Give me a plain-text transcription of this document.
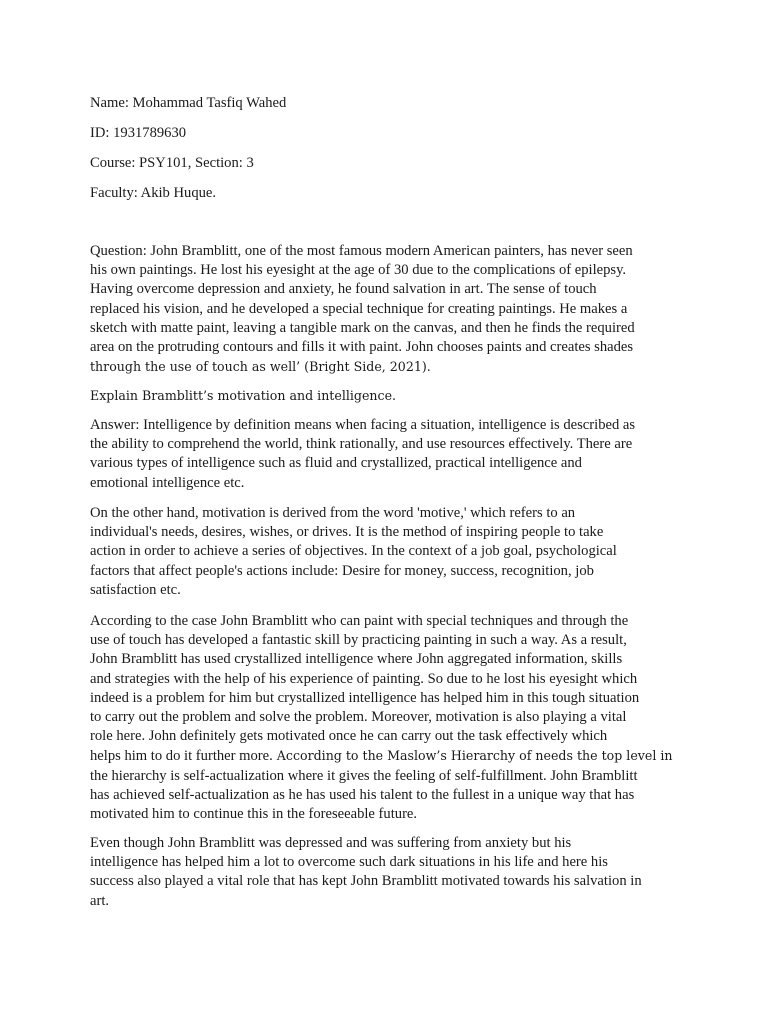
Name: Mohammad Tasfiq Wahed
ID: 1931789630
Course: PSY101, Section: 3
Faculty: Akib Huque.

Question: John Bramblitt, one of the most famous modern American painters, has never seen
his own paintings. He lost his eyesight at the age of 30 due to the complications of epilepsy.
Having overcome depression and anxiety, he found salvation in art. The sense of touch
replaced his vision, and he developed a special technique for creating paintings. He makes a
sketch with matte paint, leaving a tangible mark on the canvas, and then he finds the required
area on the protruding contours and fills it with paint. John chooses paints and creates shades
through the use of touch as well’ (Bright Side, 2021).

Explain Bramblitt’s motivation and intelligence.

Answer: Intelligence by definition means when facing a situation, intelligence is described as
the ability to comprehend the world, think rationally, and use resources effectively. There are
various types of intelligence such as fluid and crystallized, practical intelligence and
emotional intelligence etc.

On the other hand, motivation is derived from the word 'motive,' which refers to an
individual's needs, desires, wishes, or drives. It is the method of inspiring people to take
action in order to achieve a series of objectives. In the context of a job goal, psychological
factors that affect people's actions include: Desire for money, success, recognition, job
satisfaction etc.

According to the case John Bramblitt who can paint with special techniques and through the
use of touch has developed a fantastic skill by practicing painting in such a way. As a result,
John Bramblitt has used crystallized intelligence where John aggregated information, skills
and strategies with the help of his experience of painting. So due to he lost his eyesight which
indeed is a problem for him but crystallized intelligence has helped him in this tough situation
to carry out the problem and solve the problem. Moreover, motivation is also playing a vital
role here. John definitely gets motivated once he can carry out the task effectively which
helps him to do it further more. According to the Maslow’s Hierarchy of needs the top level in
the hierarchy is self-actualization where it gives the feeling of self-fulfillment. John Bramblitt
has achieved self-actualization as he has used his talent to the fullest in a unique way that has
motivated him to continue this in the foreseeable future.

Even though John Bramblitt was depressed and was suffering from anxiety but his
intelligence has helped him a lot to overcome such dark situations in his life and here his
success also played a vital role that has kept John Bramblitt motivated towards his salvation in
art.
